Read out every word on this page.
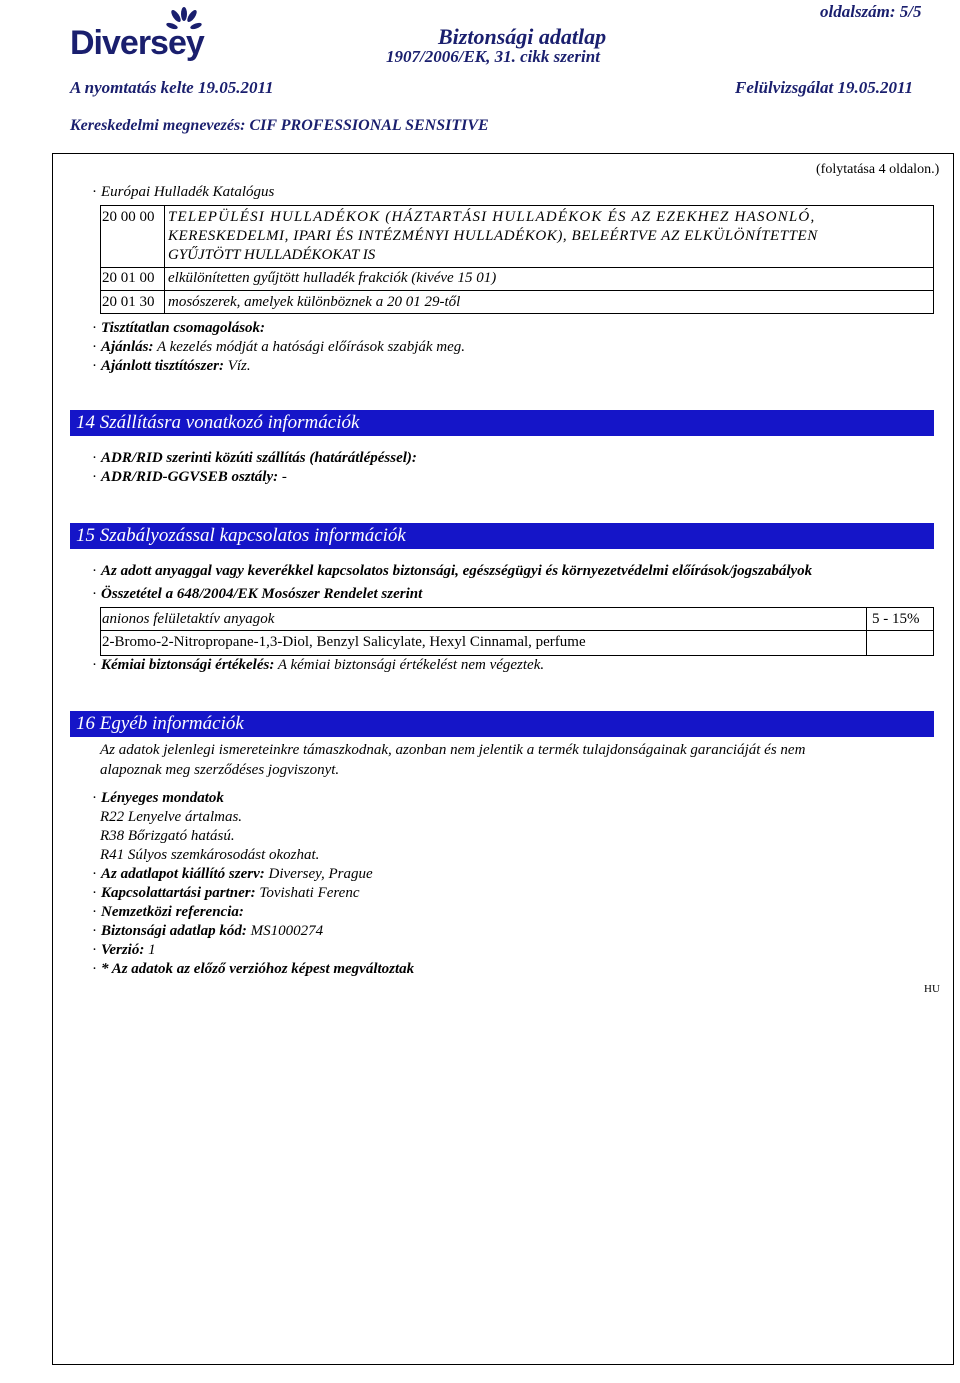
Diversey	Biztonsági adatlap
1907/2006/EK, 31. cikk szerint
oldalszám: 5/5
A nyomtatás kelte 19.05.2011	Felülvizsgálat 19.05.2011
Kereskedelmi megnevezés: CIF PROFESSIONAL SENSITIVE
(folytatása 4 oldalon.)
· Európai Hulladék Katalógus
20 00 00 TELEPÜLÉSI HULLADÉKOK (HÁZTARTÁSI HULLADÉKOK ÉS AZ EZEKHEZ HASONLÓ,
KERESKEDELMI, IPARI ÉS INTÉZMÉNYI HULLADÉKOK), BELEÉRTVE AZ ELKÜLÖNÍTETTEN
GYŰJTÖTT HULLADÉKOKAT IS
20 01 00 elkülönítetten gyűjtött hulladék frakciók (kivéve 15 01)
20 01 30 mosószerek, amelyek különböznek a 20 01 29-től
· Tisztítatlan csomagolások:
· Ajánlás: A kezelés módját a hatósági előírások szabják meg.
· Ajánlott tisztítószer: Víz.
14 Szállításra vonatkozó információk
· ADR/RID szerinti közúti szállítás (határátlépéssel):
· ADR/RID-GGVSEB osztály: -
15 Szabályozással kapcsolatos információk
· Az adott anyaggal vagy keverékkel kapcsolatos biztonsági, egészségügyi és környezetvédelmi előírások/jogszabályok
· Összetétel a 648/2004/EK Mosószer Rendelet szerint
anionos felületaktív anyagok	5 - 15%
2-Bromo-2-Nitropropane-1,3-Diol, Benzyl Salicylate, Hexyl Cinnamal, perfume
· Kémiai biztonsági értékelés: A kémiai biztonsági értékelést nem végeztek.
16 Egyéb információk
Az adatok jelenlegi ismereteinkre támaszkodnak, azonban nem jelentik a termék tulajdonságainak garanciáját és nem
alapoznak meg szerződéses jogviszonyt.
· Lényeges mondatok
R22 Lenyelve ártalmas.
R38 Bőrizgató hatású.
R41 Súlyos szemkárosodást okozhat.
· Az adatlapot kiállító szerv: Diversey, Prague
· Kapcsolattartási partner: Tovishati Ferenc
· Nemzetközi referencia:
· Biztonsági adatlap kód: MS1000274
· Verzió: 1
· * Az adatok az előző verzióhoz képest megváltoztak
HU
